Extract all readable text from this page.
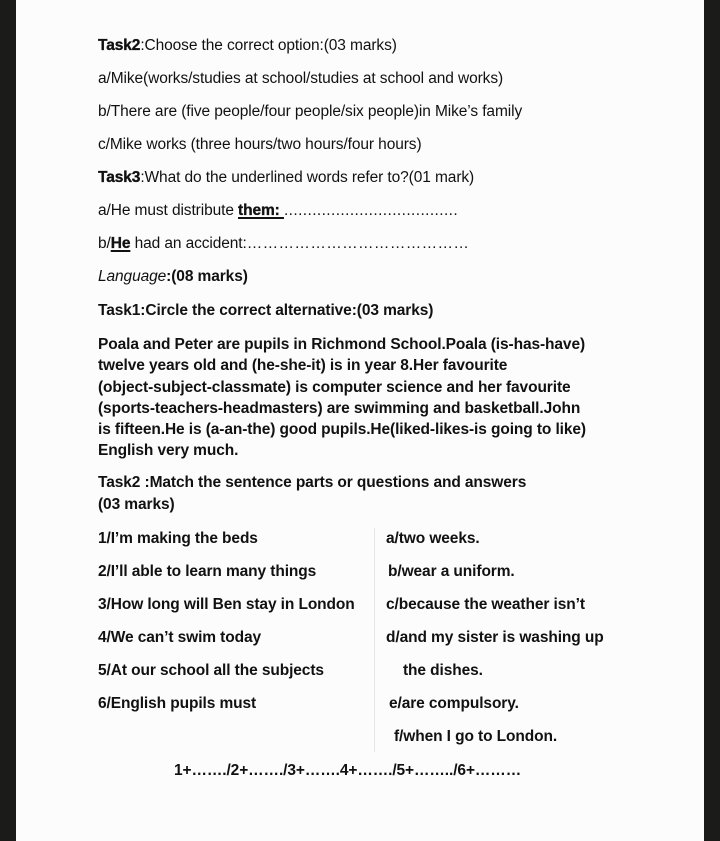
Task2:Choose the correct option:(03 marks)
a/Mike(works/studies at school/studies at school and works)
b/There are (five people/four people/six people)in Mike’s family
c/Mike works (three hours/two hours/four hours)
Task3:What do the underlined words refer to?(01 mark)
a/He must distribute them: .....................................
b/He had an accident:……………………………………
Language:(08 marks)
Task1:Circle the correct alternative:(03 marks)
Poala and Peter are pupils in Richmond School.Poala (is-has-have)
twelve years old and (he-she-it) is in year 8.Her favourite
(object-subject-classmate) is computer science and her favourite
(sports-teachers-headmasters) are swimming and basketball.John
is fifteen.He is (a-an-the) good pupils.He(liked-likes-is going to like)
English very much.
Task2 :Match the sentence parts or questions and answers
(03 marks)
1/I’m making the beds
2/I’ll able to learn many things
3/How long will Ben stay in London
4/We can’t swim today
5/At our school all the subjects
6/English pupils must
a/two weeks.
b/wear a uniform.
c/because the weather isn’t
d/and my sister is washing up
the dishes.
e/are compulsory.
f/when I go to London.
1+……./2+……./3+…….4+……./5+……../6+………
